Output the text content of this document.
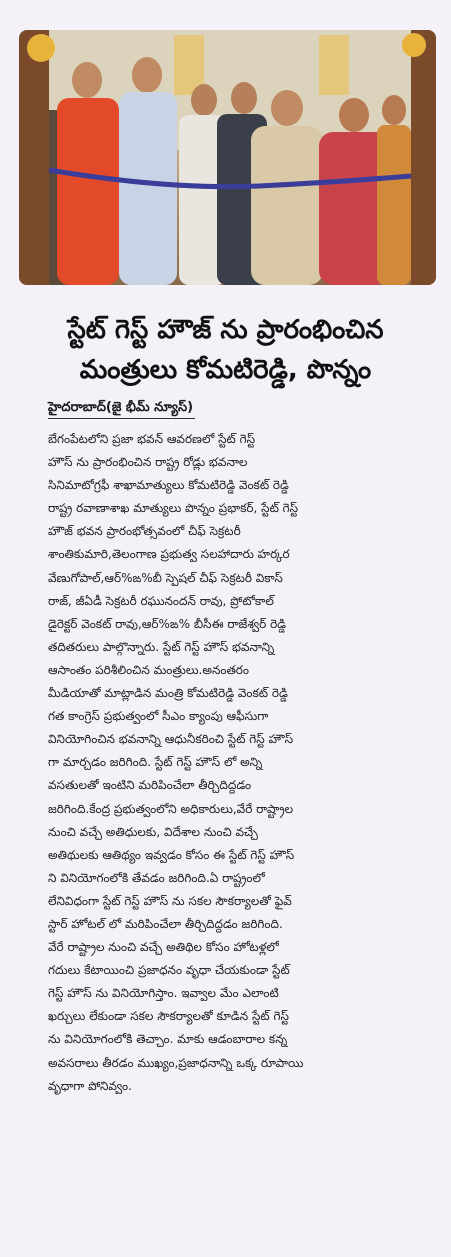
స్టేట్ గెస్ట్ హౌజ్ ను ప్రారంభించిన
మంత్రులు కోమటిరెడ్డి, పొన్నం
హైదరాబాద్(జై భీమ్ న్యూస్)
బేగంపేటలోని ప్రజా భవన్ ఆవరణలో స్టేట్ గెస్ట్
హౌస్ ను ప్రారంభించిన రాష్ట్ర రోడ్లు భవనాల
సినిమాటోగ్రఫీ శాఖామాత్యులు కోమటిరెడ్డి వెంకట్ రెడ్డి
రాష్ట్ర రవాణాశాఖ మాత్యులు పొన్నం ప్రభాకర్, స్టేట్ గెస్ట్
హౌజ్ భవన ప్రారంభోత్సవంలో చీఫ్ సెక్రటరీ
శాంతికుమారి,తెలంగాణ ప్రభుత్వ సలహాదారు హర్కర
వేణుగోపాల్,ఆర్%ఙ%బీ స్పెషల్ చీఫ్ సెక్రటరీ వికాస్
రాజ్, జీఏడీ సెక్రటరీ రఘునందన్ రావు, ప్రోటోకాల్
డైరెక్టర్ వెంకట్ రావు,ఆర్%ఙ% బీసీఈ రాజేశ్వర్ రెడ్డి
తదితరులు పాల్గొన్నారు. స్టేట్ గెస్ట్ హౌస్ భవనాన్ని
ఆసాంతం పరిశీలించిన మంత్రులు.అనంతరం
మీడియాతో మాట్లాడిన మంత్రి కోమటిరెడ్డి వెంకట్ రెడ్డి
గత కాంగ్రెస్ ప్రభుత్వంలో సీఎం క్యాంపు ఆఫీసుగా
వినియోగించిన భవనాన్ని ఆధునీకరించి స్టేట్ గెస్ట్ హౌస్
గా మార్చడం జరిగింది. స్టేట్ గెస్ట్ హౌస్ లో అన్ని
వసతులతో ఇంటిని మరిపించేలా తీర్చిదిద్దడం
జరిగింది.కేంద్ర ప్రభుత్వంలోని అధికారులు,వేరే రాష్ట్రాల
నుంచి వచ్చే అతిధులకు, విదేశాల నుంచి వచ్చే
అతిథులకు ఆతిథ్యం ఇవ్వడం కోసం ఈ స్టేట్ గెస్ట్ హౌస్
ని వినియోగంలోకి తేవడం జరిగింది.ఏ రాష్ట్రంలో
లేనివిధంగా స్టేట్ గెస్ట్ హౌస్ ను సకల సౌకర్యాలతో ఫైవ్
స్టార్ హోటల్ లో మరిపించేలా తీర్చిదిద్దడం జరిగింది.
వేరే రాష్ట్రాల నుంచి వచ్చే అతిథిల కోసం హోటళ్లలో
గదులు కేటాయించి ప్రజాధనం వృధా చేయకుండా స్టేట్
గెస్ట్ హౌస్ ను వినియోగిస్తాం. ఇవ్వాల మేం ఎలాంటి
ఖర్చులు లేకుండా సకల సౌకర్యాలతో కూడిన స్టేట్ గెస్ట్
ను వినియోగంలోకి తెచ్చాం. మాకు ఆడంబారాల కన్న
అవసరాలు తీరడం ముఖ్యం,ప్రజాధనాన్ని ఒక్క రూపాయి
వృధాగా పోనివ్వం.
